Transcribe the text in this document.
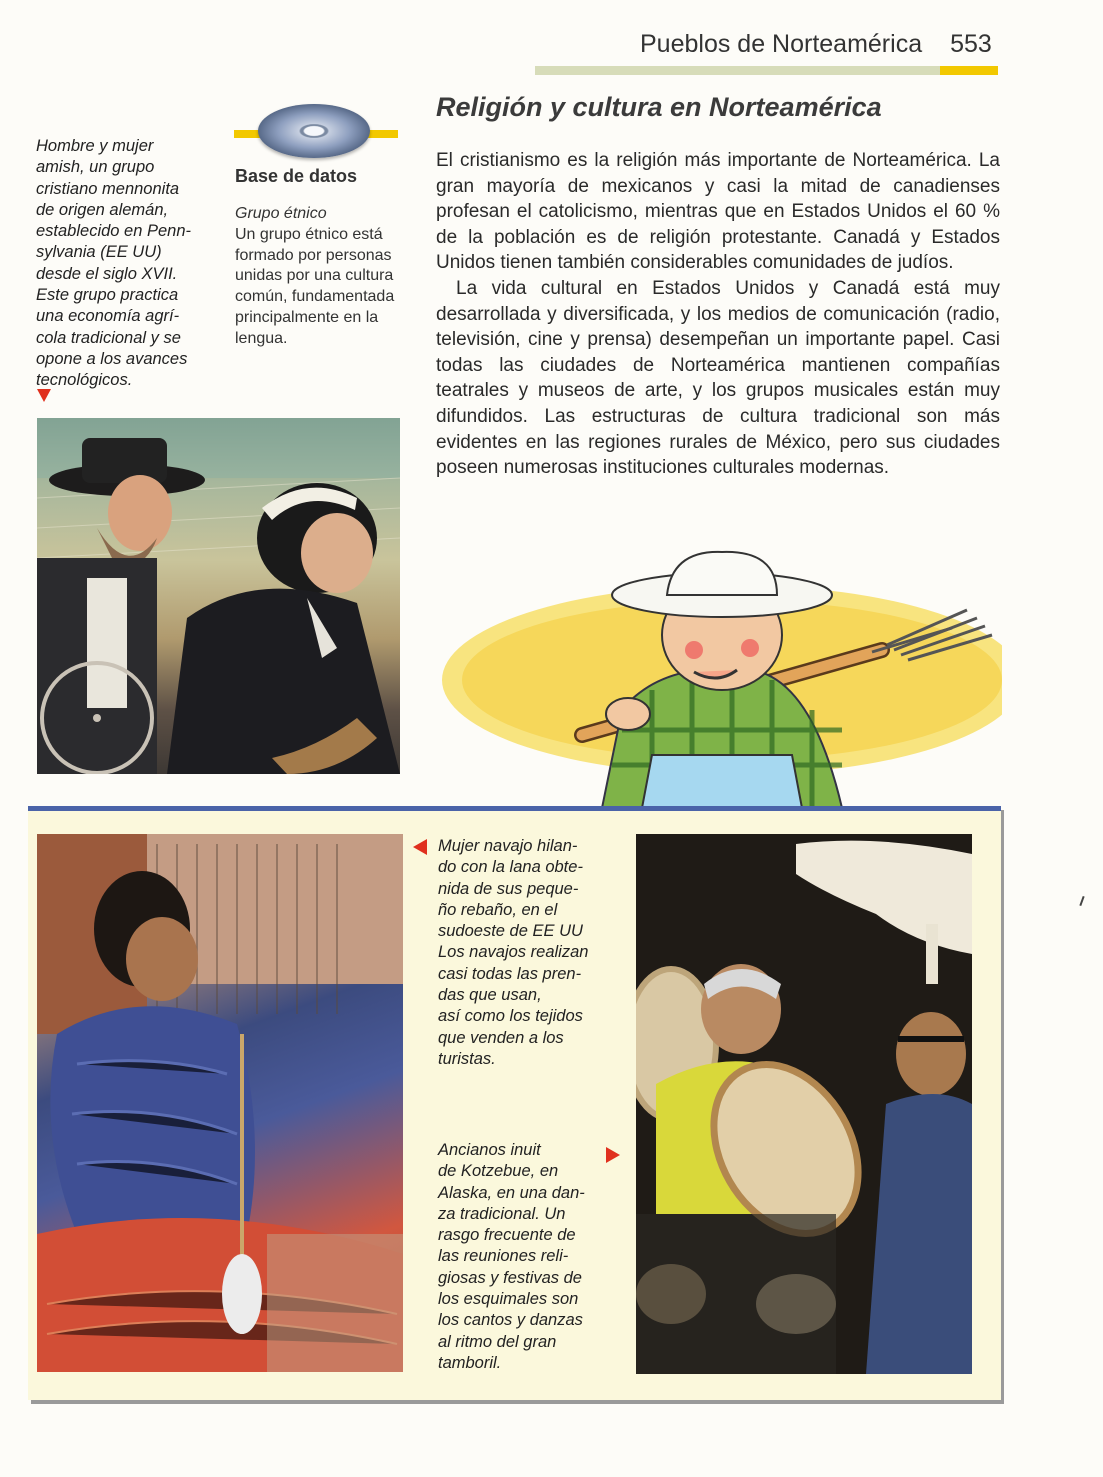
Pueblos de Norteamérica 553
Religión y cultura en Norteamérica

Hombre y mujer

amish, un grupo

cristiano mennonita

de origen alemán,

establecido en Penn-

sylvania (EE UU)

desde el siglo XVII.

Este grupo practica

una economía agrí-

cola tradicional y se

opone a los avances

tecnológicos.

Base de datos
Grupo étnico
Un grupo étnico está formado por personas unidas por una cultura común, fundamentada principalmente en la lengua.

El cristianismo es la religión más importante de Norteamérica. La gran mayoría de mexicanos y casi la mitad de canadienses profesan el catolicismo, mientras que en Estados Unidos el 60 % de la población es de religión protestante. Canadá y Estados Unidos tienen también considerables comunidades de judíos.

La vida cultural en Estados Unidos y Canadá está muy desarrollada y diversificada, y los medios de comunicación (radio, televisión, cine y prensa) desempeñan un importante papel. Casi todas las ciudades de Norteamérica mantienen compañías teatrales y museos de arte, y los grupos musicales están muy difundidos. Las estructuras de cultura tradicional son más evidentes en las regiones rurales de México, pero sus ciudades poseen numerosas instituciones culturales modernas.

Mujer navajo hilan-

do con la lana obte-

nida de sus peque-

ño rebaño, en el

sudoeste de EE UU

Los navajos realizan

casi todas las pren-

das que usan,

así como los tejidos

que venden a los

turistas.

Ancianos inuit

de Kotzebue, en

Alaska, en una dan-

za tradicional. Un

rasgo frecuente de

las reuniones reli-

giosas y festivas de

los esquimales son

los cantos y danzas

al ritmo del gran

tamboril.
